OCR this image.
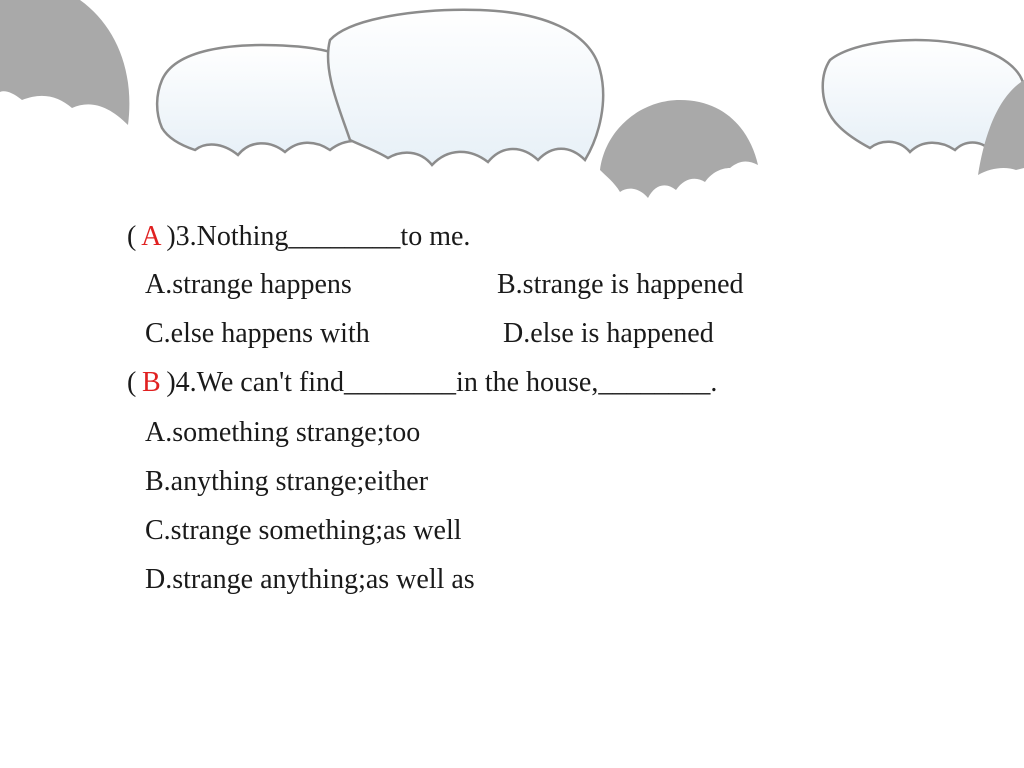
( A )3.Nothing________to me.
A.strange happens	B.strange is happened
C.else happens with	D.else is happened
( B )4.We can't find________in the house,________.
A.something strange;too
B.anything strange;either
C.strange something;as well
D.strange anything;as well as
